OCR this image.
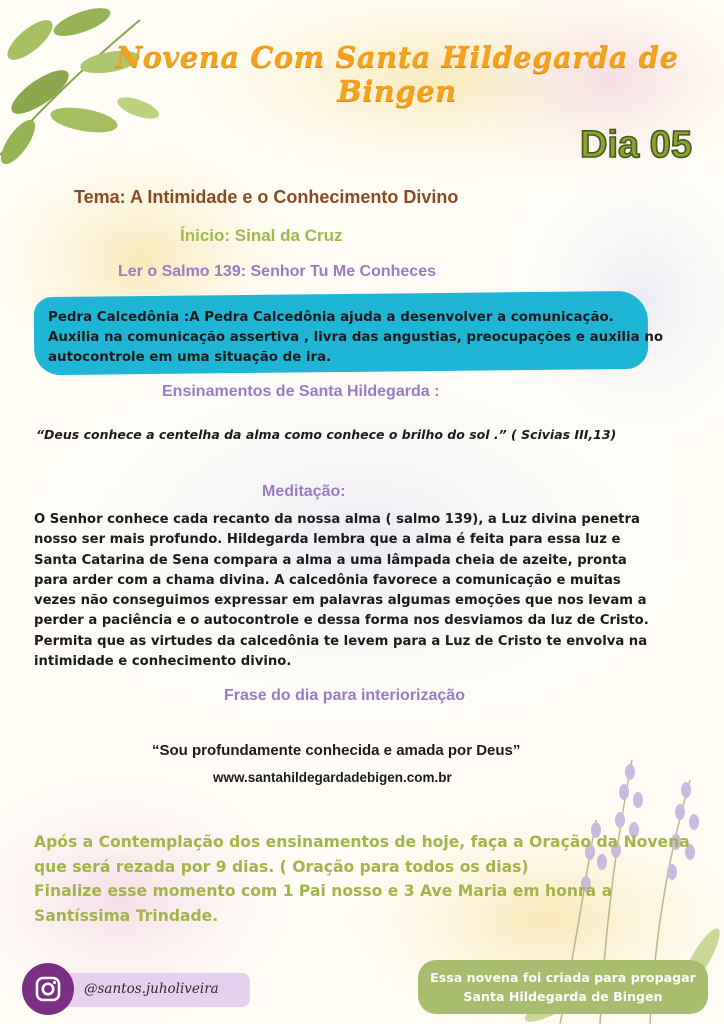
Novena Com Santa Hildegarda de Bingen
Dia 05
Tema: A Intimidade e o Conhecimento Divino
Ínicio: Sinal da Cruz
Ler o Salmo 139: Senhor Tu Me Conheces
Pedra Calcedônia :A Pedra Calcedônia ajuda a desenvolver a comunicação.
Auxilia na comunicação assertiva , livra das angustias, preocupações e auxilia no
autocontrole em uma situação de ira.
Ensinamentos de Santa Hildegarda :
“Deus conhece a centelha da alma como conhece o brilho do sol .” ( Scivias III,13)
Meditação:
O Senhor conhece cada recanto da nossa alma ( salmo 139), a Luz divina penetra
nosso ser mais profundo. Hildegarda lembra que a alma é feita para essa luz e
Santa Catarina de Sena compara a alma a uma lâmpada cheia de azeite, pronta
para arder com a chama divina. A calcedônia favorece a comunicação e muitas
vezes não conseguimos expressar em palavras algumas emoções que nos levam a
perder a paciência e o autocontrole e dessa forma nos desviamos da luz de Cristo.
Permita que as virtudes da calcedônia te levem para a Luz de Cristo te envolva na
intimidade e conhecimento divino.
Frase do dia para interiorização
“Sou profundamente conhecida e amada por Deus”
www.santahildegardadebigen.com.br
Após a Contemplação dos ensinamentos de hoje, faça a Oração da Novena
que será rezada por 9 dias. ( Oração para todos os dias)
Finalize esse momento com 1 Pai nosso e 3 Ave Maria em honra a
Santíssima Trindade.
@santos.juholiveira
Essa novena foi criada para propagar
Santa Hildegarda de Bingen
